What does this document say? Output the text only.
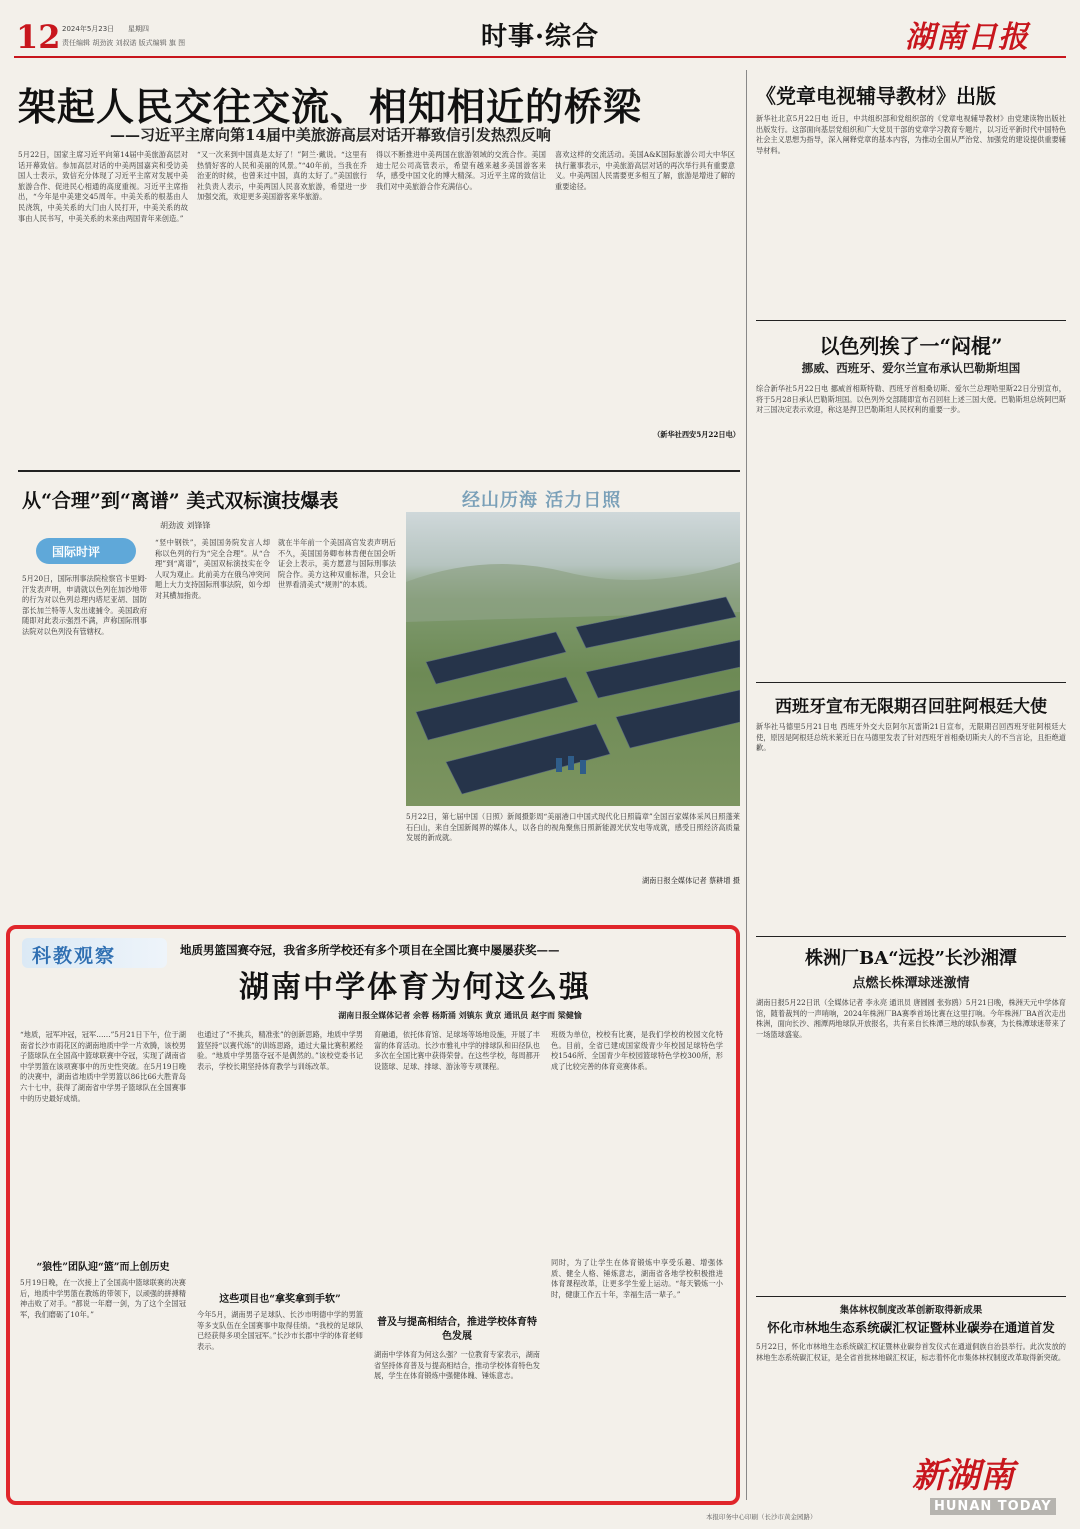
12 2024年5月23日 星期四
责任编辑 胡劲波 刘叔诺 版式编辑 旗 图	时事·综合	湖南日报
架起人民交往交流、相知相近的桥梁
——习近平主席向第14届中美旅游高层对话开幕致信引发热烈反响
5月22日，国家主席习近平向第14届中美旅游高层对话开幕致信。参加高层对话的中美两国嘉宾和受访美国人士表示，致信充分体现了习近平主席对发展中美旅游合作、促进民心相通的高度重视。习近平主席指出，“今年是中美建交45周年。中美关系的根基由人民浇筑，中美关系的大门由人民打开，中美关系的故事由人民书写，中美关系的未来由两国青年来创造。”
“又一次来到中国真是太好了！”阿兰·戴说。“这里有热情好客的人民和美丽的风景。”“40年前，当我在乔治亚的时候，也曾来过中国，真的太好了。”美国旅行社负责人表示，中美两国人民喜欢旅游，希望进一步加强交流，欢迎更多美国游客来华旅游。
得以不断推进中美两国在旅游领域的交流合作。美国迪士尼公司高管表示，希望有越来越多美国游客来华，感受中国文化的博大精深。习近平主席的致信让我们对中美旅游合作充满信心。
喜欢这样的交流活动。美国A&K国际旅游公司大中华区执行董事表示，中美旅游高层对话的再次举行具有重要意义。中美两国人民需要更多相互了解，旅游是增进了解的重要途径。
（新华社西安5月22日电）
《党章电视辅导教材》出版
新华社北京5月22日电 近日，中共组织部和党组织部的《党章电视辅导教材》由党建读物出版社出版发行。这部面向基层党组织和广大党员干部的党章学习教育专题片，以习近平新时代中国特色社会主义思想为指导，深入阐释党章的基本内容，为推动全面从严治党、加强党的建设提供重要辅导材料。
以色列挨了一“闷棍”
挪威、西班牙、爱尔兰宣布承认巴勒斯坦国
综合新华社5月22日电 挪威首相斯特勒、西班牙首相桑切斯、爱尔兰总理哈里斯22日分别宣布，将于5月28日承认巴勒斯坦国。以色列外交部随即宣布召回驻上述三国大使。巴勒斯坦总统阿巴斯对三国决定表示欢迎，称这是捍卫巴勒斯坦人民权利的重要一步。
西班牙宣布无限期召回驻阿根廷大使
新华社马德里5月21日电 西班牙外交大臣阿尔瓦雷斯21日宣布，无限期召回西班牙驻阿根廷大使，原因是阿根廷总统米莱近日在马德里发表了针对西班牙首相桑切斯夫人的不当言论，且拒绝道歉。
从“合理”到“离谱” 美式双标演技爆表
胡劲波 刘锋锋
国际时评
5月20日，国际刑事法院检察官卡里姆·汗发表声明，申请就以色列在加沙地带的行为对以色列总理内塔尼亚胡、国防部长加兰特等人发出逮捕令。美国政府随即对此表示强烈不满，声称国际刑事法院对以色列没有管辖权。
“竖中钢铁”，美国国务院发言人却称以色列的行为“完全合理”。从“合理”到“离谱”，美国双标演技实在令人叹为观止。此前美方在俄乌冲突问题上大力支持国际刑事法院，如今却对其横加指责。
就在半年前一个美国高官发表声明后不久，美国国务卿布林肯便在国会听证会上表示，美方愿意与国际刑事法院合作。美方这种双重标准，只会让世界看清美式“规则”的本质。
经山历海 活力日照
5月22日，第七届中国（日照）新闻摄影周“美丽港口中国式现代化日照篇章”全国百家媒体采风日照蓬莱石臼山，来自全国新闻界的媒体人，以各自的视角聚焦日照新能源光伏发电等成就，感受日照经济高质量发展的新成就。
湖南日报全媒体记者 蔡耕增 摄
科教观察	地质男篮国赛夺冠，我省多所学校还有多个项目在全国比赛中屡屡获奖——
湖南中学体育为何这么强
湖南日报全媒体记者 余蓉 杨斯涌 刘镇东 黄京 通讯员 赵宇而 梁健愉
“地质，冠军冲冠，冠军……”5月21日下午，位于湖南省长沙市雨花区的湖南地质中学一片欢腾，该校男子篮球队在全国高中篮球联赛中夺冠，实现了湖南省中学男篮在该项赛事中的历史性突破。在5月19日晚的决赛中，湖南省地质中学男篮以86比66大胜青岛六十七中，获得了湖南省中学男子篮球队在全国赛事中的历史最好成绩。
“狼性”团队迎“篮”而上创历史
5月19日晚，在一次接上了全国高中篮球联赛的决赛后，地质中学男篮在教练的带领下，以顽强的拼搏精神击败了对手。“都说一年磨一剑，为了这个全国冠军，我们磨砺了10年。”
也通过了“不挑兵，精准张”的创新思路，地质中学男篮坚持“以赛代练”的训练思路，通过大量比赛积累经验。“地质中学男篮夺冠不是偶然的。”该校党委书记表示，学校长期坚持体育教学与训练改革。
这些项目也“拿奖拿到手软”
今年5月，湖南男子足球队、长沙市明德中学的男篮等多支队伍在全国赛事中取得佳绩。“我校的足球队已经获得多项全国冠军。”长沙市长郡中学的体育老师表示。
育融通，依托体育馆、足球场等场地设施，开展了丰富的体育活动。长沙市雅礼中学的排球队和田径队也多次在全国比赛中获得荣誉。在这些学校，每周都开设篮球、足球、排球、游泳等专项课程。
普及与提高相结合，推进学校体育特色发展
湖南中学体育为何这么强？一位教育专家表示，湖南省坚持体育普及与提高相结合，推动学校体育特色发展，学生在体育锻炼中强健体魄、锤炼意志。
班级为单位，校校有比赛，是我们学校的校园文化特色。目前，全省已建成国家级青少年校园足球特色学校1546所、全国青少年校园篮球特色学校300所，形成了比较完善的体育竞赛体系。
同时，为了让学生在体育锻炼中享受乐趣、增强体质、健全人格、锤炼意志，湖南省各地学校积极推进体育课程改革，让更多学生爱上运动。“每天锻炼一小时，健康工作五十年，幸福生活一辈子。”
株洲厂BA“远投”长沙湘潭
点燃长株潭球迷激情
湖南日报5月22日讯（全媒体记者 李永亮 通讯员 唐圆圆 张弥鸥）5月21日晚，株洲天元中学体育馆，随着裁判的一声哨响，2024年株洲厂BA赛季首场比赛在这里打响。今年株洲厂BA首次走出株洲，面向长沙、湘潭两地球队开放报名，共有来自长株潭三地的球队参赛，为长株潭球迷带来了一场篮球盛宴。
集体林权制度改革创新取得新成果
怀化市林地生态系统碳汇权证暨林业碳券在通道首发
5月22日，怀化市林地生态系统碳汇权证暨林业碳券首发仪式在通道侗族自治县举行。此次发放的林地生态系统碳汇权证，是全省首批林地碳汇权证，标志着怀化市集体林权制度改革取得新突破。
本报印务中心印刷（长沙市黄金园路）
新湖南
HUNAN TODAY
